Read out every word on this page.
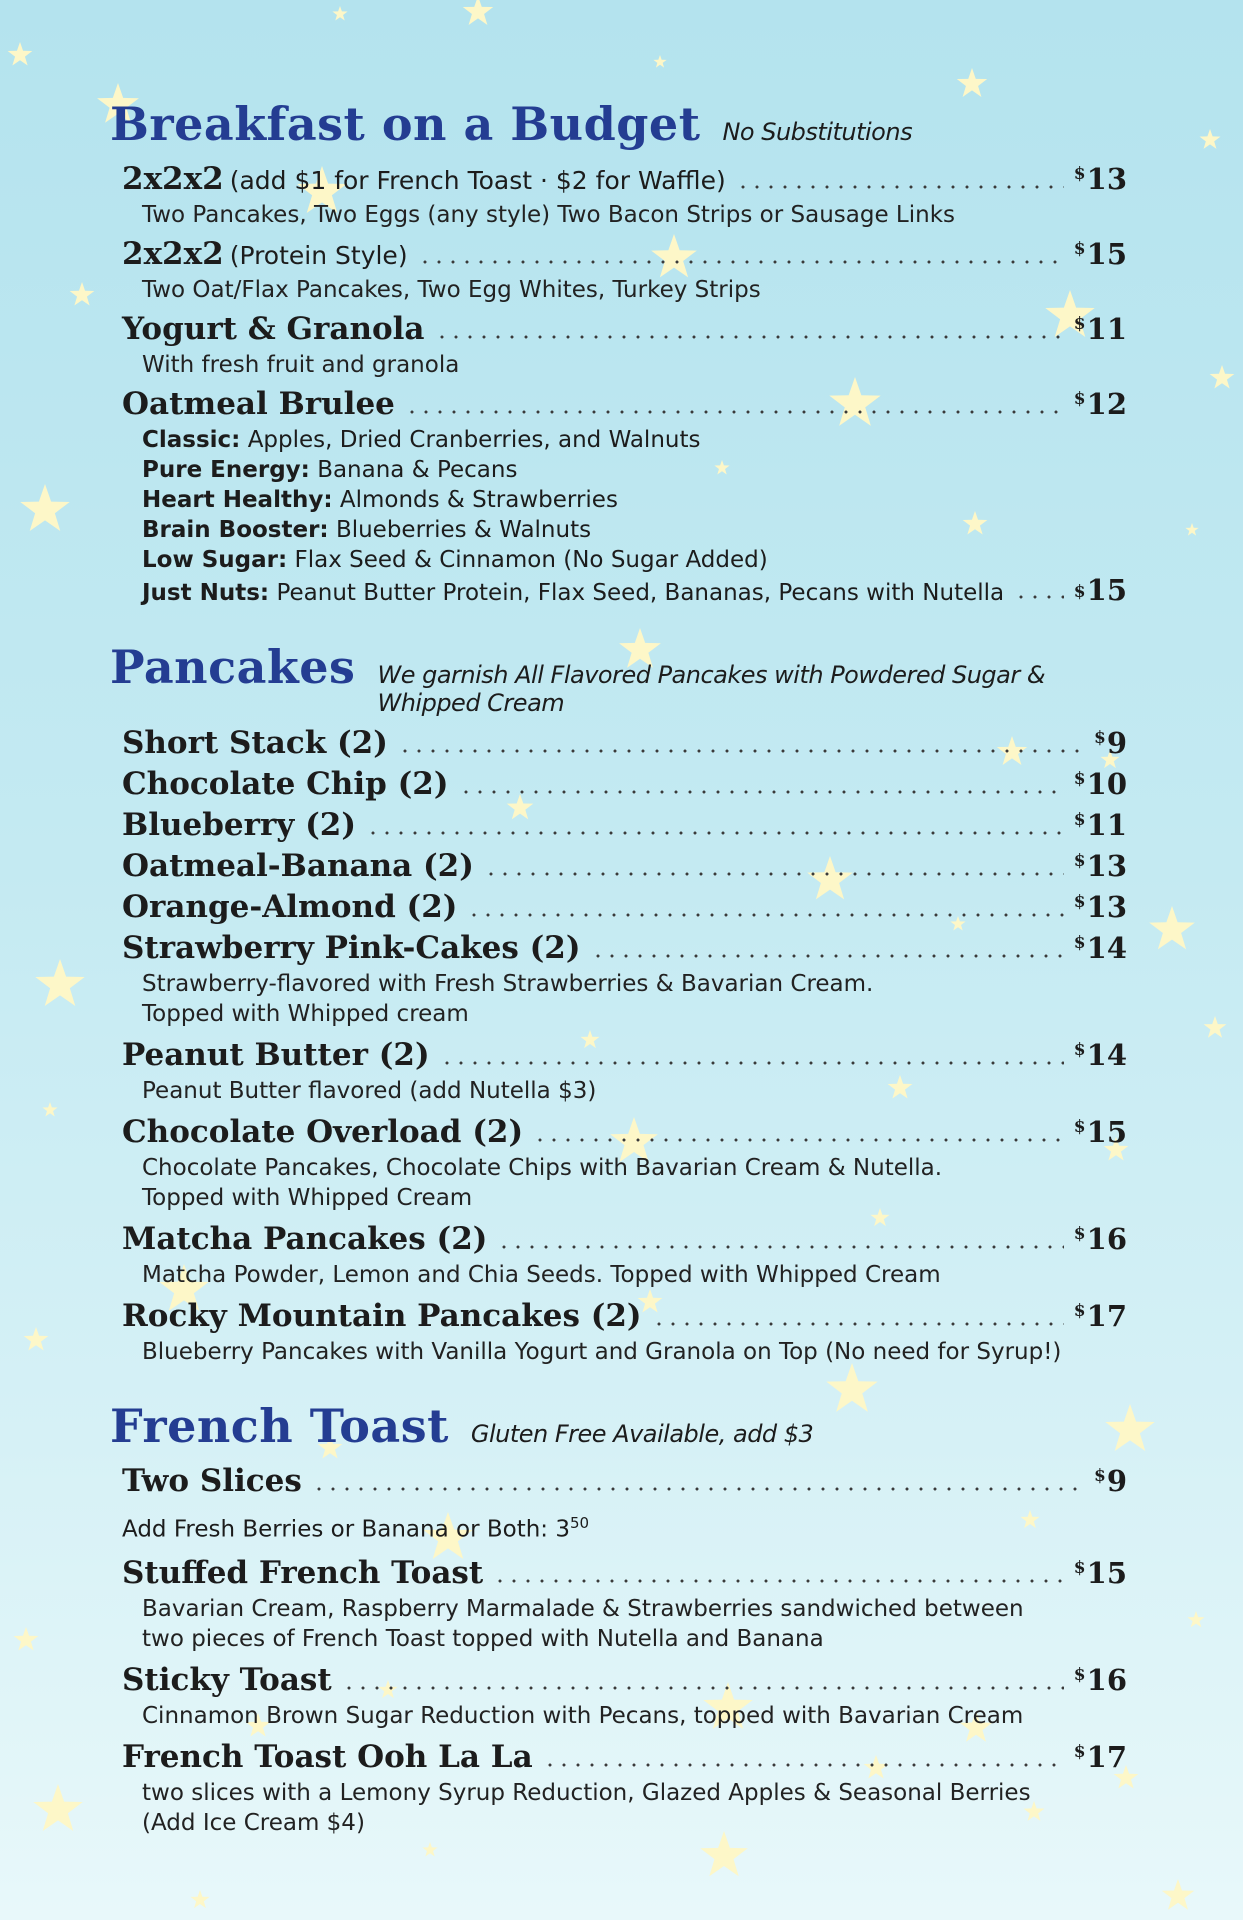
Breakfast on a Budget No Substitutions
2x2x2 (add $1 for French Toast · $2 for Waffle)	$13
Two Pancakes, Two Eggs (any style) Two Bacon Strips or Sausage Links
2x2x2 (Protein Style)	$15
Two Oat/Flax Pancakes, Two Egg Whites, Turkey Strips
Yogurt & Granola	$11
With fresh fruit and granola
Oatmeal Brulee	$12
Classic:
Apples, Dried Cranberries, and Walnuts
Pure Energy:
Banana & Pecans
Heart Healthy:
Almonds & Strawberries
Brain Booster:
Blueberries & Walnuts
Low Sugar:
Flax Seed & Cinnamon (No Sugar Added)
Just Nuts:
Peanut Butter Protein, Flax Seed, Bananas, Pecans with Nutella	$15
Pancakes We garnish All Flavored Pancakes with Powdered Sugar & Whipped Cream
Short Stack (2)	$9
Chocolate Chip (2)	$10
Blueberry (2)	$11
Oatmeal-Banana (2)	$13
Orange-Almond (2)	$13
Strawberry Pink-Cakes (2)	$14
Strawberry-flavored with Fresh Strawberries & Bavarian Cream.
Topped with Whipped cream
Peanut Butter (2)	$14
Peanut Butter flavored (add Nutella $3)
Chocolate Overload (2)	$15
Chocolate Pancakes, Chocolate Chips with Bavarian Cream & Nutella.
Topped with Whipped Cream
Matcha Pancakes (2)	$16
Matcha Powder, Lemon and Chia Seeds. Topped with Whipped Cream
Rocky Mountain Pancakes (2)	$17
Blueberry Pancakes with Vanilla Yogurt and Granola on Top (No need for Syrup!)
French Toast Gluten Free Available, add $3
Two Slices	$9
Add Fresh Berries or Banana or Both: $3^{50}$
Stuffed French Toast	$15
Bavarian Cream, Raspberry Marmalade & Strawberries sandwiched between
two pieces of French Toast topped with Nutella and Banana
Sticky Toast	$16
Cinnamon Brown Sugar Reduction with Pecans, topped with Bavarian Cream
French Toast Ooh La La	$17
two slices with a Lemony Syrup Reduction, Glazed Apples & Seasonal Berries
(Add Ice Cream $4)
